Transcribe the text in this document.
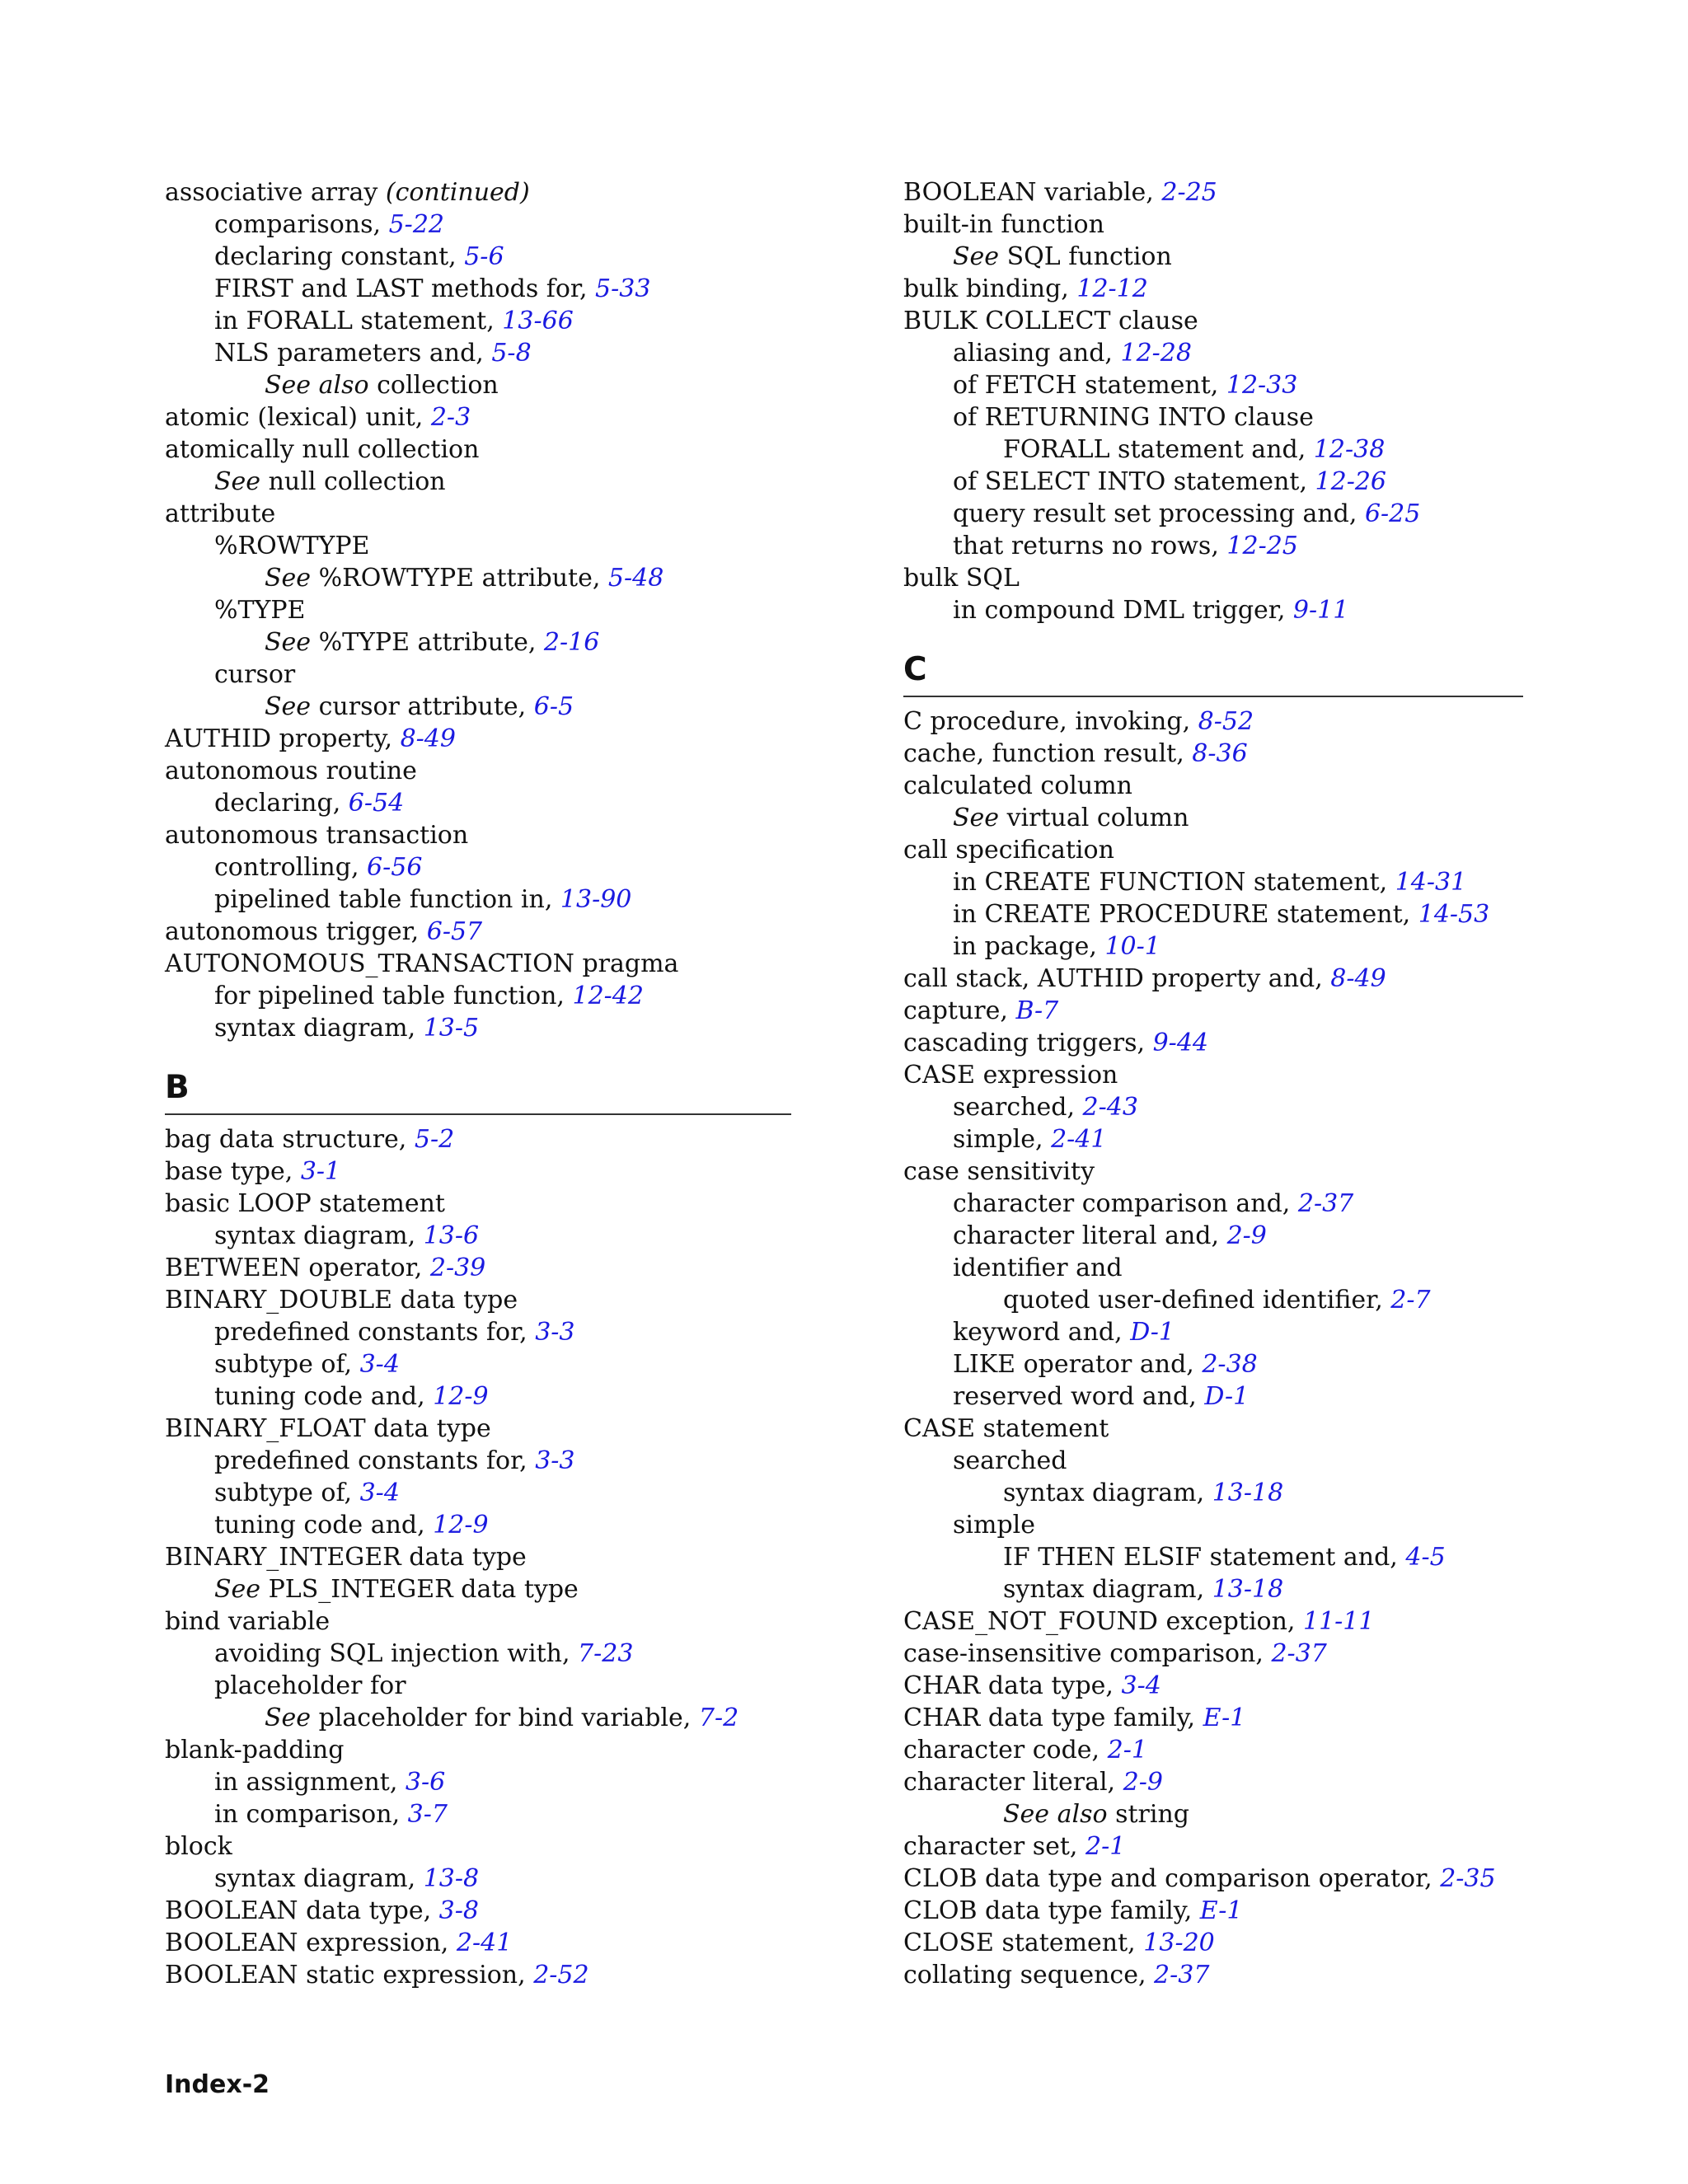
associative array (continued)
comparisons, 5-22
declaring constant, 5-6
FIRST and LAST methods for, 5-33
in FORALL statement, 13-66
NLS parameters and, 5-8
See also collection
atomic (lexical) unit, 2-3
atomically null collection
See null collection
attribute
%ROWTYPE
See %ROWTYPE attribute, 5-48
%TYPE
See %TYPE attribute, 2-16
cursor
See cursor attribute, 6-5
AUTHID property, 8-49
autonomous routine
declaring, 6-54
autonomous transaction
controlling, 6-56
pipelined table function in, 13-90
autonomous trigger, 6-57
AUTONOMOUS_TRANSACTION pragma
for pipelined table function, 12-42
syntax diagram, 13-5
B
bag data structure, 5-2
base type, 3-1
basic LOOP statement
syntax diagram, 13-6
BETWEEN operator, 2-39
BINARY_DOUBLE data type
predefined constants for, 3-3
subtype of, 3-4
tuning code and, 12-9
BINARY_FLOAT data type
predefined constants for, 3-3
subtype of, 3-4
tuning code and, 12-9
BINARY_INTEGER data type
See PLS_INTEGER data type
bind variable
avoiding SQL injection with, 7-23
placeholder for
See placeholder for bind variable, 7-2
blank-padding
in assignment, 3-6
in comparison, 3-7
block
syntax diagram, 13-8
BOOLEAN data type, 3-8
BOOLEAN expression, 2-41
BOOLEAN static expression, 2-52
BOOLEAN variable, 2-25
built-in function
See SQL function
bulk binding, 12-12
BULK COLLECT clause
aliasing and, 12-28
of FETCH statement, 12-33
of RETURNING INTO clause
FORALL statement and, 12-38
of SELECT INTO statement, 12-26
query result set processing and, 6-25
that returns no rows, 12-25
bulk SQL
in compound DML trigger, 9-11
C
C procedure, invoking, 8-52
cache, function result, 8-36
calculated column
See virtual column
call specification
in CREATE FUNCTION statement, 14-31
in CREATE PROCEDURE statement, 14-53
in package, 10-1
call stack, AUTHID property and, 8-49
capture, B-7
cascading triggers, 9-44
CASE expression
searched, 2-43
simple, 2-41
case sensitivity
character comparison and, 2-37
character literal and, 2-9
identifier and
quoted user-defined identifier, 2-7
keyword and, D-1
LIKE operator and, 2-38
reserved word and, D-1
CASE statement
searched
syntax diagram, 13-18
simple
IF THEN ELSIF statement and, 4-5
syntax diagram, 13-18
CASE_NOT_FOUND exception, 11-11
case-insensitive comparison, 2-37
CHAR data type, 3-4
CHAR data type family, E-1
character code, 2-1
character literal, 2-9
See also string
character set, 2-1
CLOB data type and comparison operator, 2-35
CLOB data type family, E-1
CLOSE statement, 13-20
collating sequence, 2-37
Index-2
